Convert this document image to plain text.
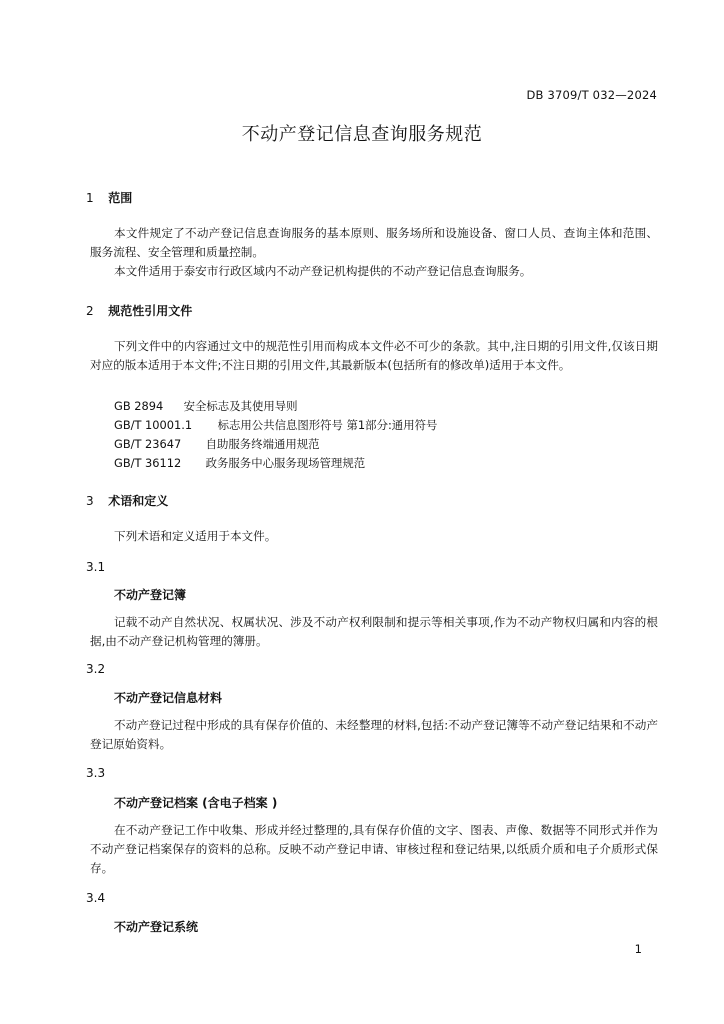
DB 3709/T 032—2024
不动产登记信息查询服务规范
1 范围
本文件规定了不动产登记信息查询服务的基本原则、服务场所和设施设备、窗口人员、查询主体和范围、服务流程、安全管理和质量控制。
本文件适用于泰安市行政区域内不动产登记机构提供的不动产登记信息查询服务。
2 规范性引用文件
下列文件中的内容通过文中的规范性引用而构成本文件必不可少的条款。其中,注日期的引用文件,仅该日期对应的版本适用于本文件;不注日期的引用文件,其最新版本(包括所有的修改单)适用于本文件。
GB 2894 安全标志及其使用导则
GB/T 10001.1 标志用公共信息图形符号 第1部分:通用符号
GB/T 23647 自助服务终端通用规范
GB/T 36112 政务服务中心服务现场管理规范
3 术语和定义
下列术语和定义适用于本文件。
3.1
不动产登记簿
记载不动产自然状况、权属状况、涉及不动产权利限制和提示等相关事项,作为不动产物权归属和内容的根据,由不动产登记机构管理的簿册。
3.2
不动产登记信息材料
不动产登记过程中形成的具有保存价值的、未经整理的材料,包括:不动产登记簿等不动产登记结果和不动产登记原始资料。
3.3
不动产登记档案 (含电子档案 )
在不动产登记工作中收集、形成并经过整理的,具有保存价值的文字、图表、声像、数据等不同形式并作为不动产登记档案保存的资料的总称。反映不动产登记申请、审核过程和登记结果,以纸质介质和电子介质形式保存。
3.4
不动产登记系统
1
